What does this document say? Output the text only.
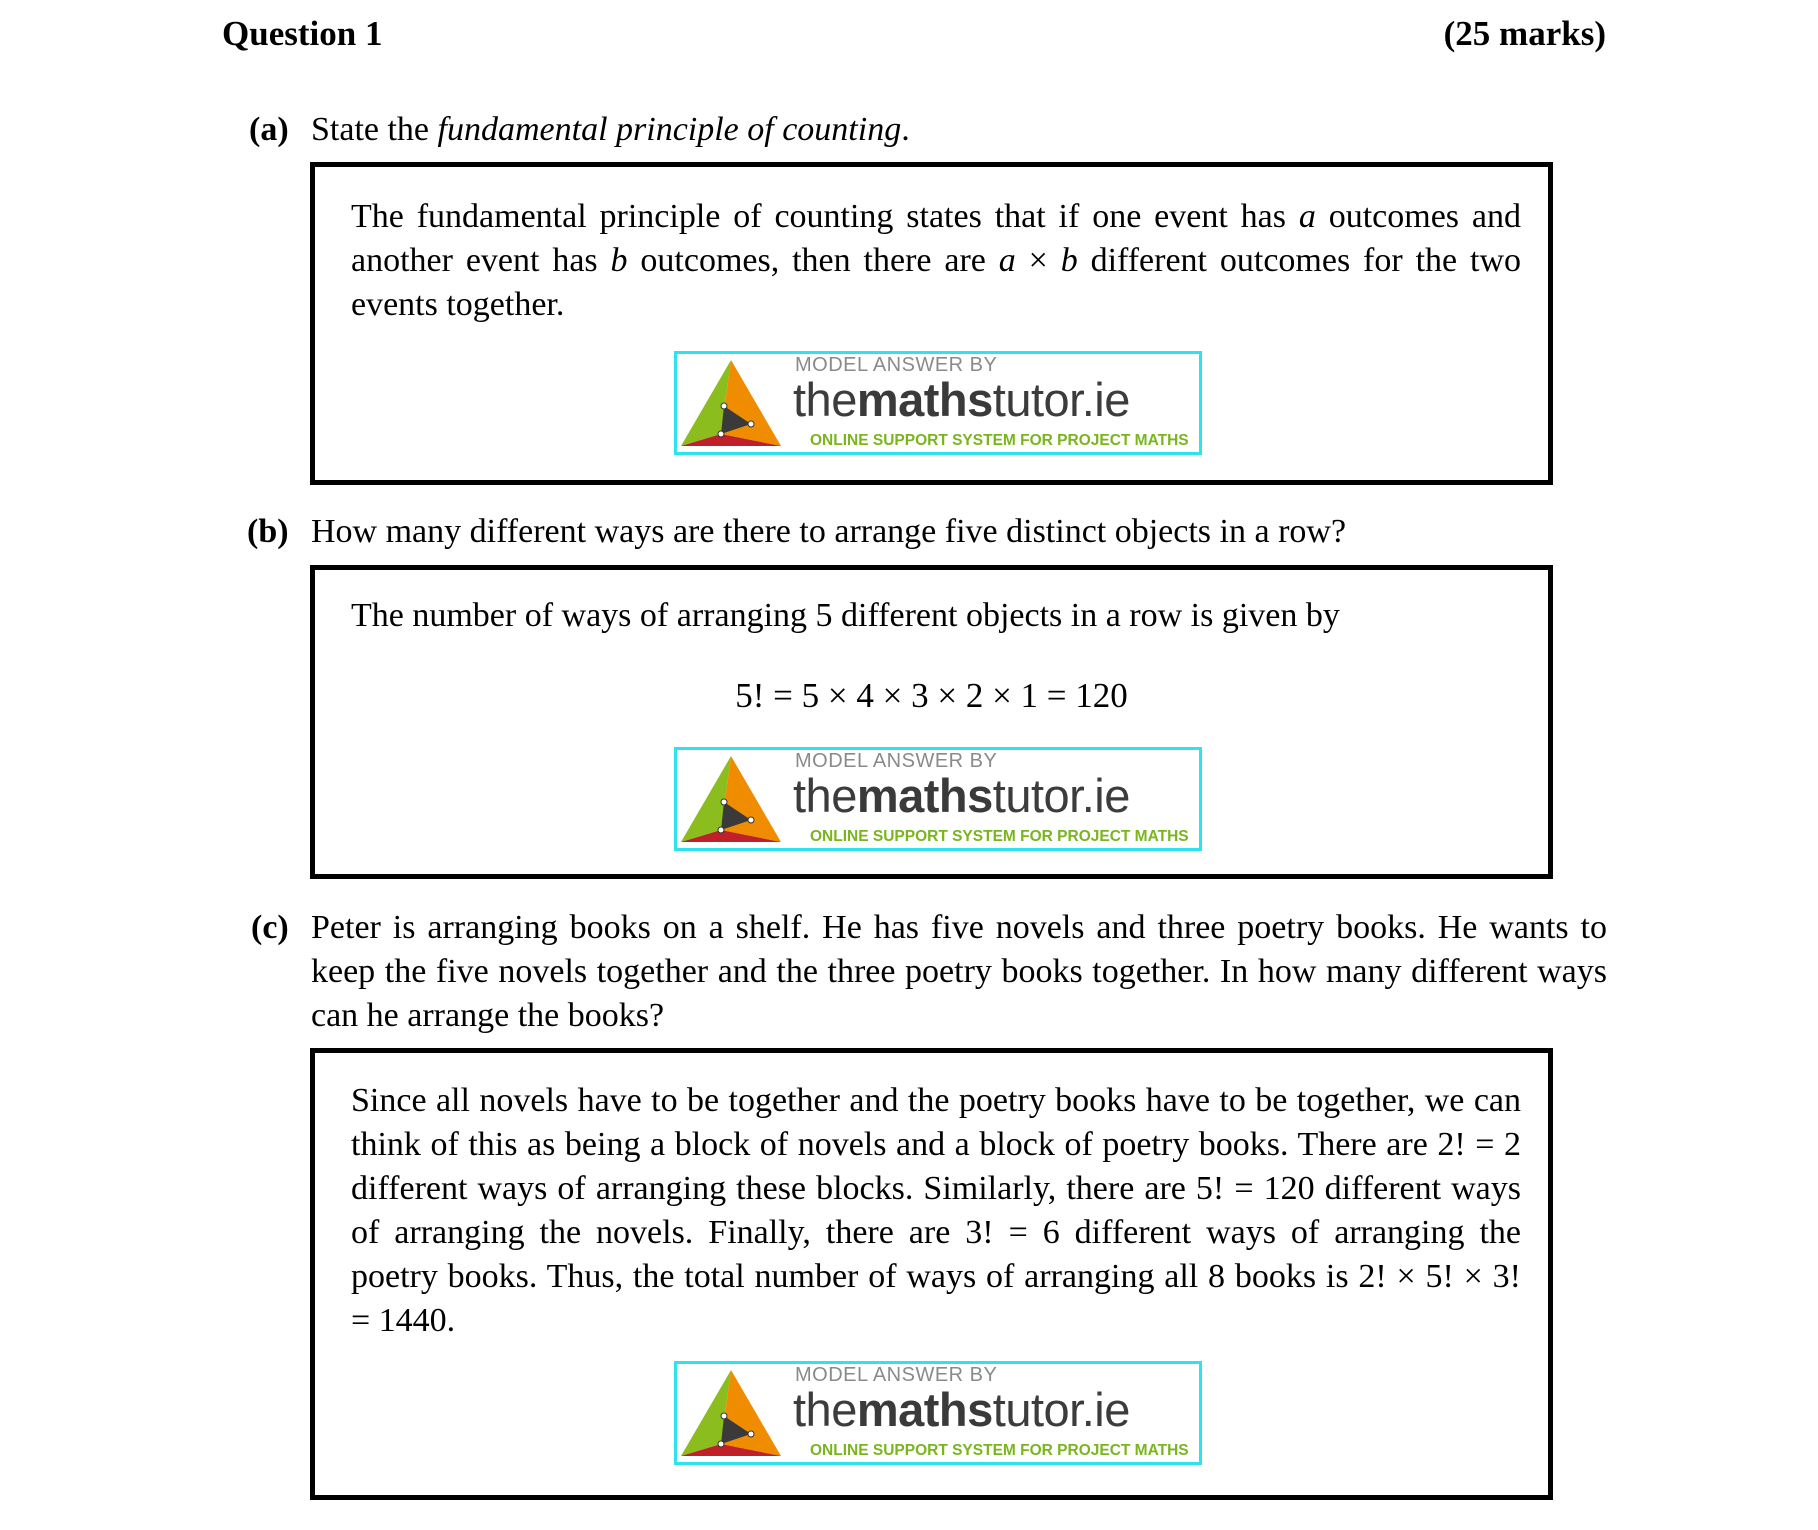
Question 1	(25 marks)
(a) State the fundamental principle of counting.
The fundamental principle of counting states that if one event has a outcomes and another event has b outcomes, then there are a × b different outcomes for the two events together.
MODEL ANSWER BY
themathstutor.ie
ONLINE SUPPORT SYSTEM FOR PROJECT MATHS
(b) How many different ways are there to arrange five distinct objects in a row?
The number of ways of arranging 5 different objects in a row is given by
5! = 5 × 4 × 3 × 2 × 1 = 120
MODEL ANSWER BY
themathstutor.ie
ONLINE SUPPORT SYSTEM FOR PROJECT MATHS
(c) Peter is arranging books on a shelf. He has five novels and three poetry books. He wants to keep the five novels together and the three poetry books together. In how many different ways can he arrange the books?
Since all novels have to be together and the poetry books have to be together, we can think of this as being a block of novels and a block of poetry books. There are 2! = 2 different ways of arranging these blocks. Similarly, there are 5! = 120 different ways of arranging the novels. Finally, there are 3! = 6 different ways of arranging the poetry books. Thus, the total number of ways of arranging all 8 books is 2! × 5! × 3! = 1440.
MODEL ANSWER BY
themathstutor.ie
ONLINE SUPPORT SYSTEM FOR PROJECT MATHS
